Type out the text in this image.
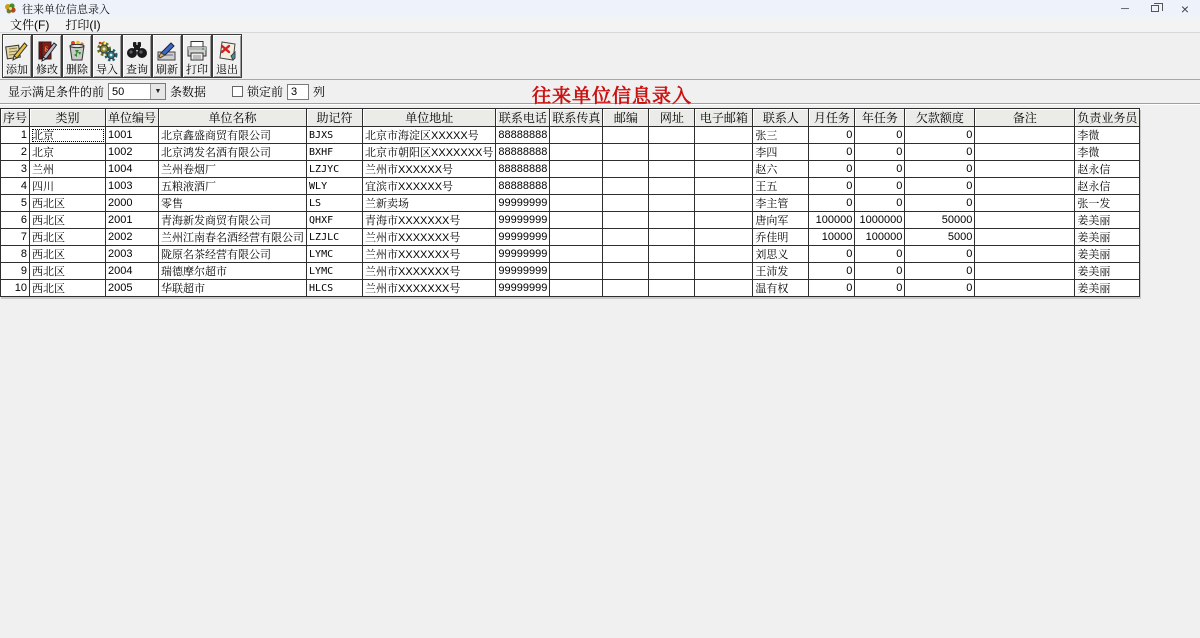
往来单位信息录入	─	×
文件(F)	打印(I)
添加
§
修改 删除 导入 查询 刷新 打印 退出
显示满足条件的前 50	▼ 条数据	锁定前 3	列	往来单位信息录入
序号	类别	单位编号	单位名称	助记符	单位地址	联系电话	联系传真	邮编	网址	电子邮箱	联系人	月任务	年任务	欠款额度	备注	负责业务员
1	北京	1001	北京鑫盛商贸有限公司	BJXS	北京市海淀区XXXXX号	88888888					张三	0	0	0		李微
2	北京	1002	北京鸿发名酒有限公司	BXHF	北京市朝阳区XXXXXXX号	88888888					李四	0	0	0		李微
3	兰州	1004	兰州卷烟厂	LZJYC	兰州市XXXXXX号	88888888					赵六	0	0	0		赵永信
4	四川	1003	五粮液酒厂	WLY	宜滨市XXXXXX号	88888888					王五	0	0	0		赵永信
5	西北区	2000	零售	LS	兰新卖场	99999999					李主管	0	0	0		张一发
6	西北区	2001	青海新发商贸有限公司	QHXF	青海市XXXXXXX号	99999999					唐向军	100000	1000000	50000		姜美丽
7	西北区	2002	兰州江南春名酒经营有限公司	LZJLC	兰州市XXXXXXX号	99999999					乔佳明	10000	100000	5000		姜美丽
8	西北区	2003	陇原名茶经营有限公司	LYMC	兰州市XXXXXXX号	99999999					刘思义	0	0	0		姜美丽
9	西北区	2004	瑞德摩尔超市	LYMC	兰州市XXXXXXX号	99999999					王沛发	0	0	0		姜美丽
10	西北区	2005	华联超市	HLCS	兰州市XXXXXXX号	99999999					温有权	0	0	0		姜美丽
